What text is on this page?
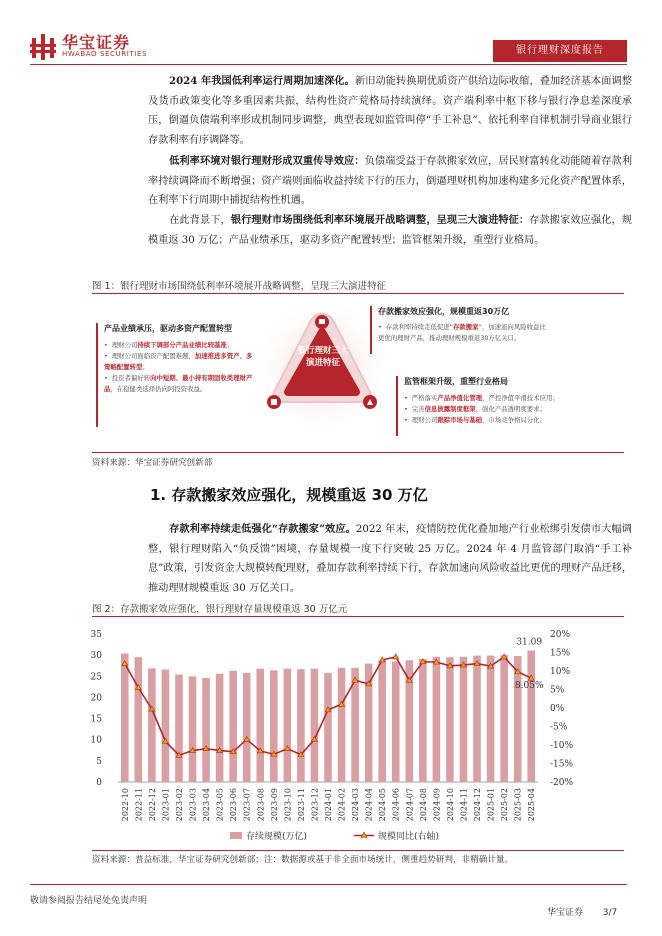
华宝证券
HWABAO SECURITIES	银行理财深度报告
2024 年我国低利率运行周期加速深化。新旧动能转换期优质资产供给边际收缩，叠加经济基本面调整及货币政策变化等多重因素共振，结构性资产荒格局持续演绎。资产端利率中枢下移与银行净息差深度承压，倒逼负债端利率形成机制同步调整，典型表现如监管叫停“手工补息”、依托利率自律机制引导商业银行存款利率有序调降等。
低利率环境对银行理财形成双重传导效应：负债端受益于存款搬家效应，居民财富转化动能随着存款利率持续调降而不断增强；资产端则面临收益持续下行的压力，倒逼理财机构加速构建多元化资产配置体系，在利率下行周期中捕捉结构性机遇。
在此背景下，银行理财市场围绕低利率环境展开战略调整，呈现三大演进特征：存款搬家效应强化，规模重返 30 万亿；产品业绩承压，驱动多资产配置转型；监管框架升级，重塑行业格局。
图 1：银行理财市场围绕低利率环境展开战略调整，呈现三大演进特征
银行理财三大演进特征
存款搬家效应强化，规模重返30万亿
• 存款利率持续走低促进“存款搬家”，加速流向风险收益比更优的理财产品，推动理财规模重返30万亿关口。
产品业绩承压，驱动多资产配置转型
• 理财公司持续下调部分产品业绩比较基准；
• 理财公司面临资产配置难题，加速推进多资产、多策略配置转型；
• 投资者偏好转向中短期、最小持有期固收类理财产品，在稳健类选择仍向阿投资收益。
监管框架升级，重塑行业格局
• 严格落实产品净值化管理，严控净值平滑技术应用；
• 完善信息披露制度框架，强化产品透明度要求；
• 理财公司跟踪市场与基础，市场竞争格局分化。
资料来源：华宝证券研究创新部
1. 存款搬家效应强化，规模重返 30 万亿
存款利率持续走低强化“存款搬家”效应。2022 年末，疫情防控优化叠加地产行业松绑引发债市大幅调整，银行理财陷入“负反馈”困境，存量规模一度下行突破 25 万亿。2024 年 4 月监管部门取消“手工补息”政策，引发资金大规模转配理财，叠加存款利率持续下行，存款加速向风险收益比更优的理财产品迁移，推动理财规模重返 30 万亿关口。
图 2：存款搬家效应强化，银行理财存量规模重返 30 万亿元
0
5
10
15
20
25
30
35
-20%
-15%
-10%
-5%
0%
5%
10%
15%
20%
31.09
8.05%
2022-10 2022-11 2022-12 2023-01 2023-02 2023-03 2023-04 2023-05 2023-06 2023-07 2023-08 2023-09 2023-10 2023-11 2023-12 2024-01 2024-02 2024-03 2024-04 2024-05 2024-06 2024-07 2024-08 2024-09 2024-10 2024-11 2024-12 2025-01 2025-02 2025-03 2025-04
存续规模(万亿)	规模同比(右轴)
资料来源：普益标准，华宝证券研究创新部；注：数据源或基于非全面市场统计，侧重趋势研判，非精确计量。
敬请参阅报告结尾处免责声明
华宝证券 3/7
